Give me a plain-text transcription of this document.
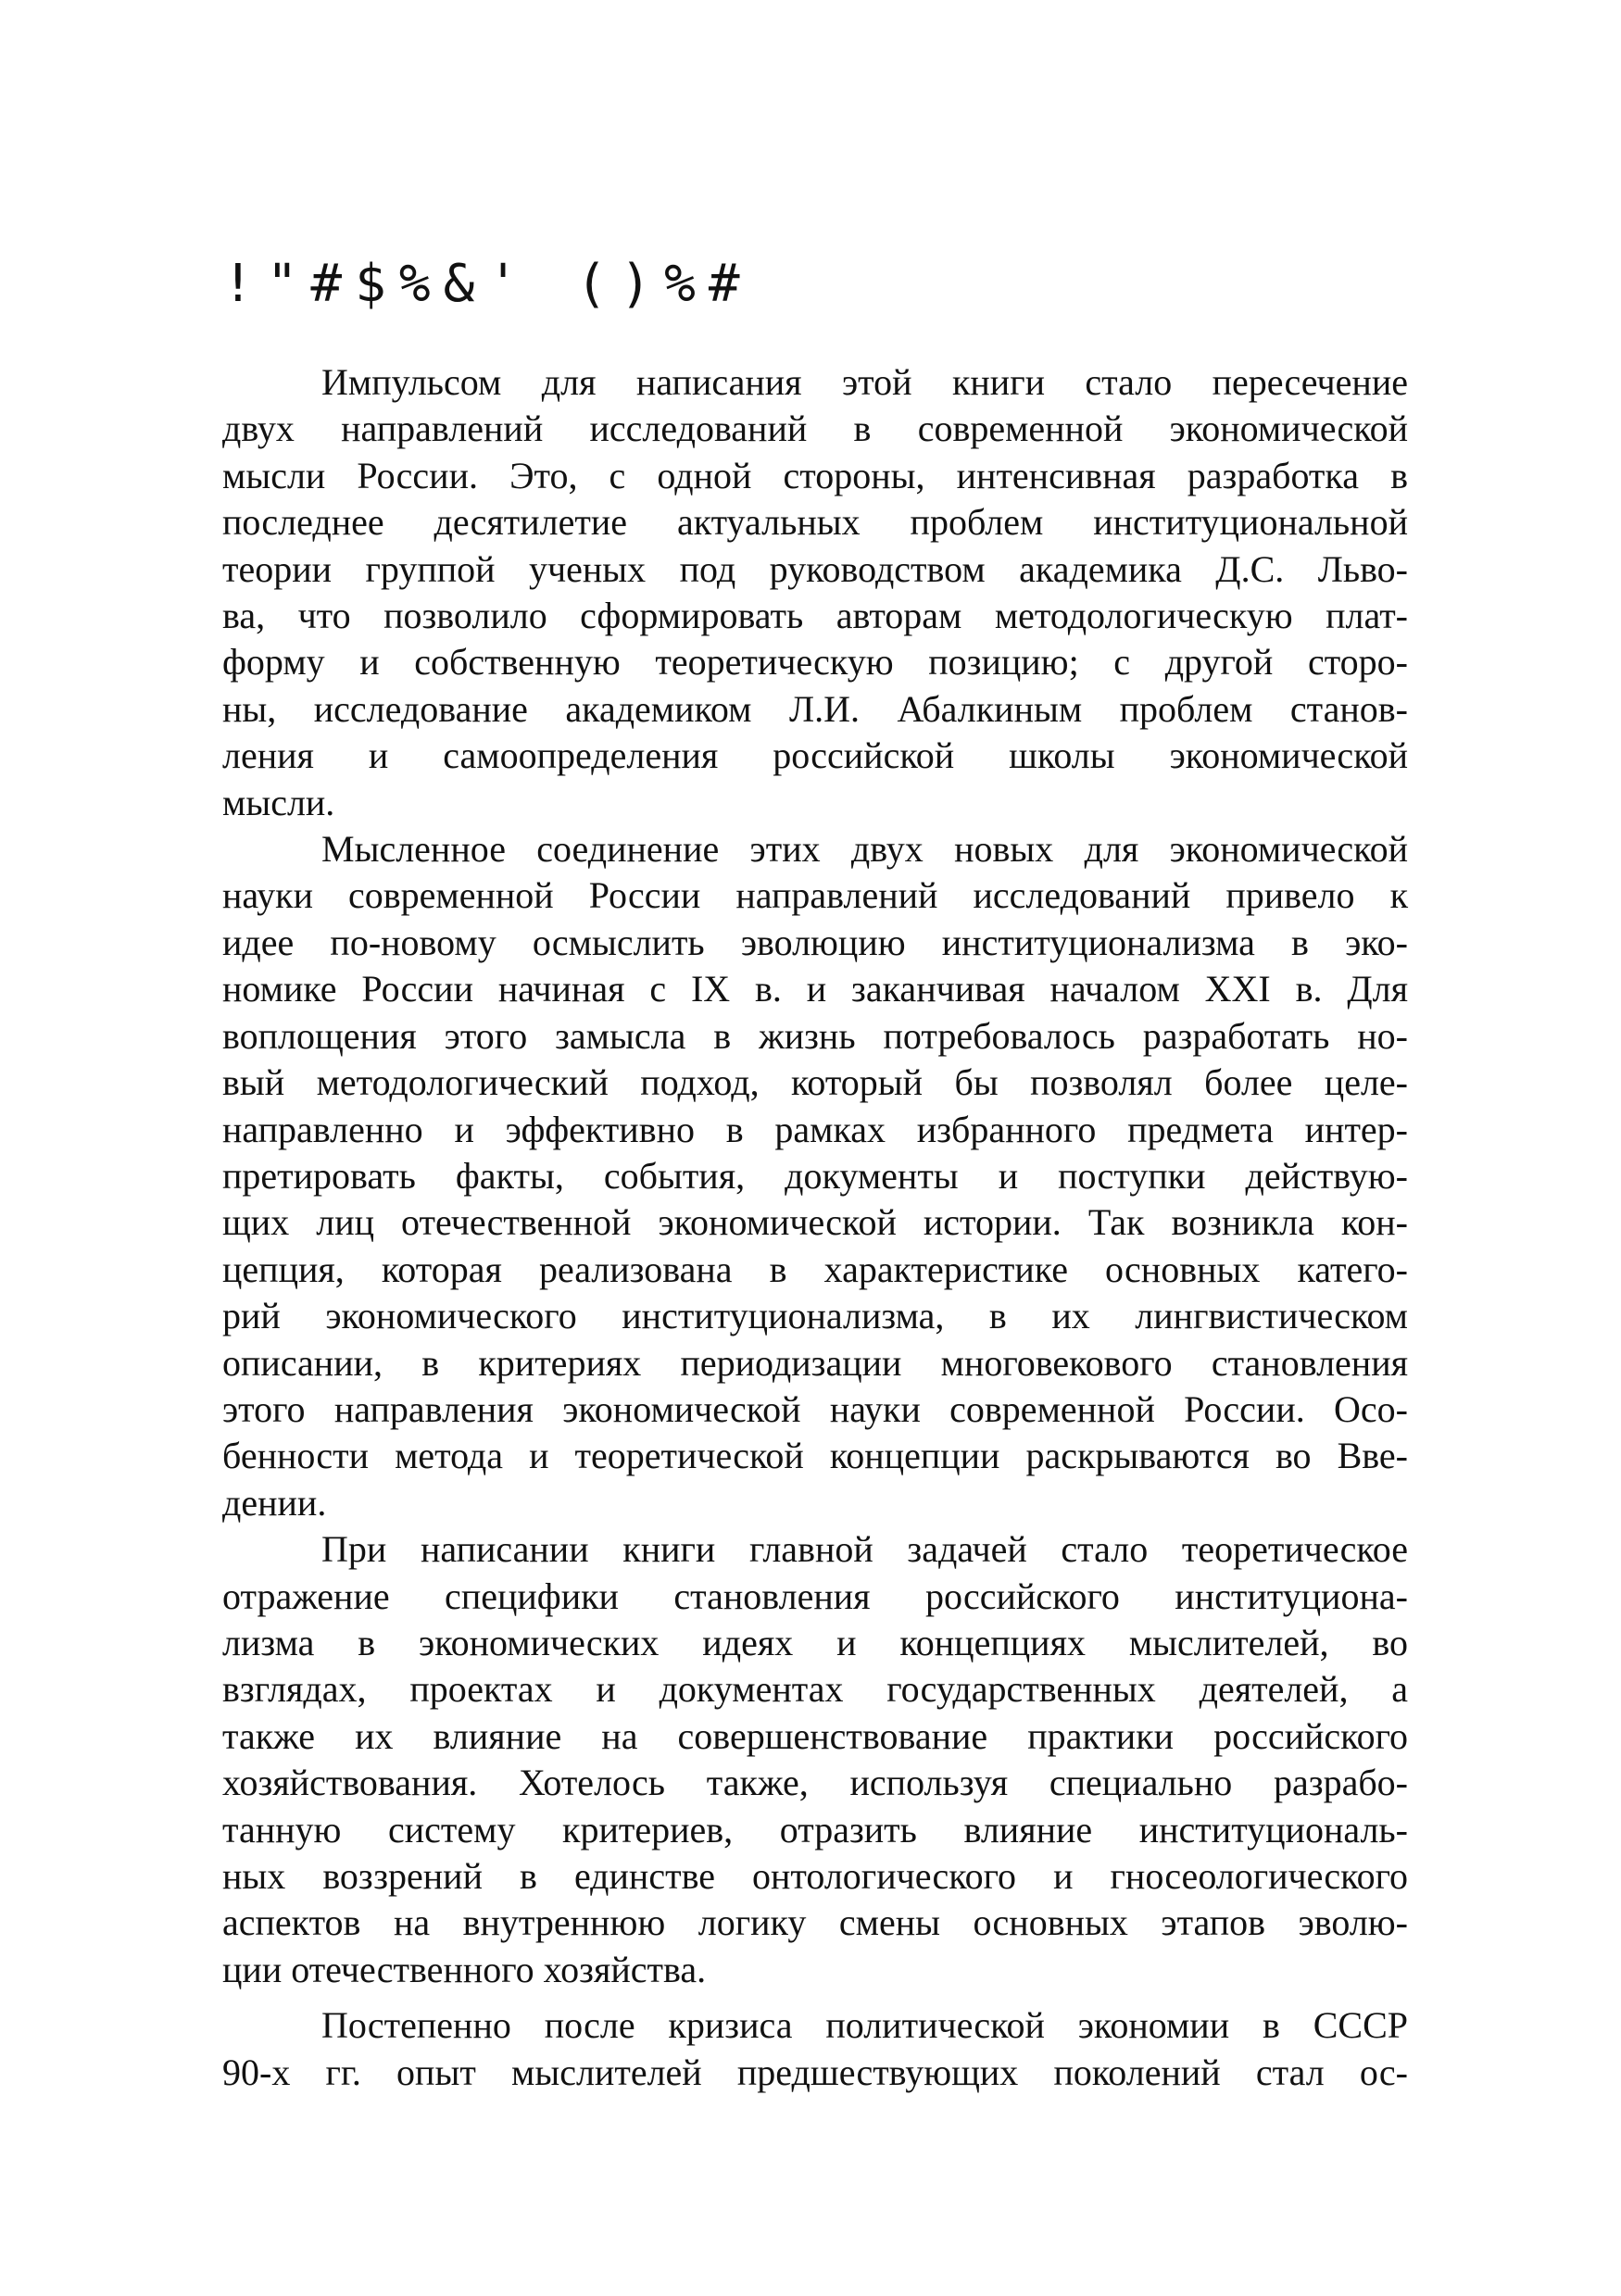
!"#$%&' ()%#

Импульсом для написания этой книги стало пересечение
двух направлений исследований в современной экономической
мысли России. Это, с одной стороны, интенсивная разработка в
последнее десятилетие актуальных проблем институциональной
теории группой ученых под руководством академика Д.С. Льво-
ва, что позволило сформировать авторам методологическую плат-
форму и собственную теоретическую позицию; с другой сторо-
ны, исследование академиком Л.И. Абалкиным проблем станов-
ления и самоопределения российской школы экономической
мысли.

Мысленное соединение этих двух новых для экономической
науки современной России направлений исследований привело к
идее по-новому осмыслить эволюцию институционализма в эко-
номике России начиная с IX в. и заканчивая началом XXI в. Для
воплощения этого замысла в жизнь потребовалось разработать но-
вый методологический подход, который бы позволял более целе-
направленно и эффективно в рамках избранного предмета интер-
претировать факты, события, документы и поступки действую-
щих лиц отечественной экономической истории. Так возникла кон-
цепция, которая реализована в характеристике основных катего-
рий экономического институционализма, в их лингвистическом
описании, в критериях периодизации многовекового становления
этого направления экономической науки современной России. Осо-
бенности метода и теоретической концепции раскрываются во Вве-
дении.

При написании книги главной задачей стало теоретическое
отражение специфики становления российского институциона-
лизма в экономических идеях и концепциях мыслителей, во
взглядах, проектах и документах государственных деятелей, а
также их влияние на совершенствование практики российского
хозяйствования. Хотелось также, используя специально разрабо-
танную систему критериев, отразить влияние институциональ-
ных воззрений в единстве онтологического и гносеологического
аспектов на внутреннюю логику смены основных этапов эволю-
ции отечественного хозяйства.

Постепенно после кризиса политической экономии в СССР
90-х гг. опыт мыслителей предшествующих поколений стал ос-
